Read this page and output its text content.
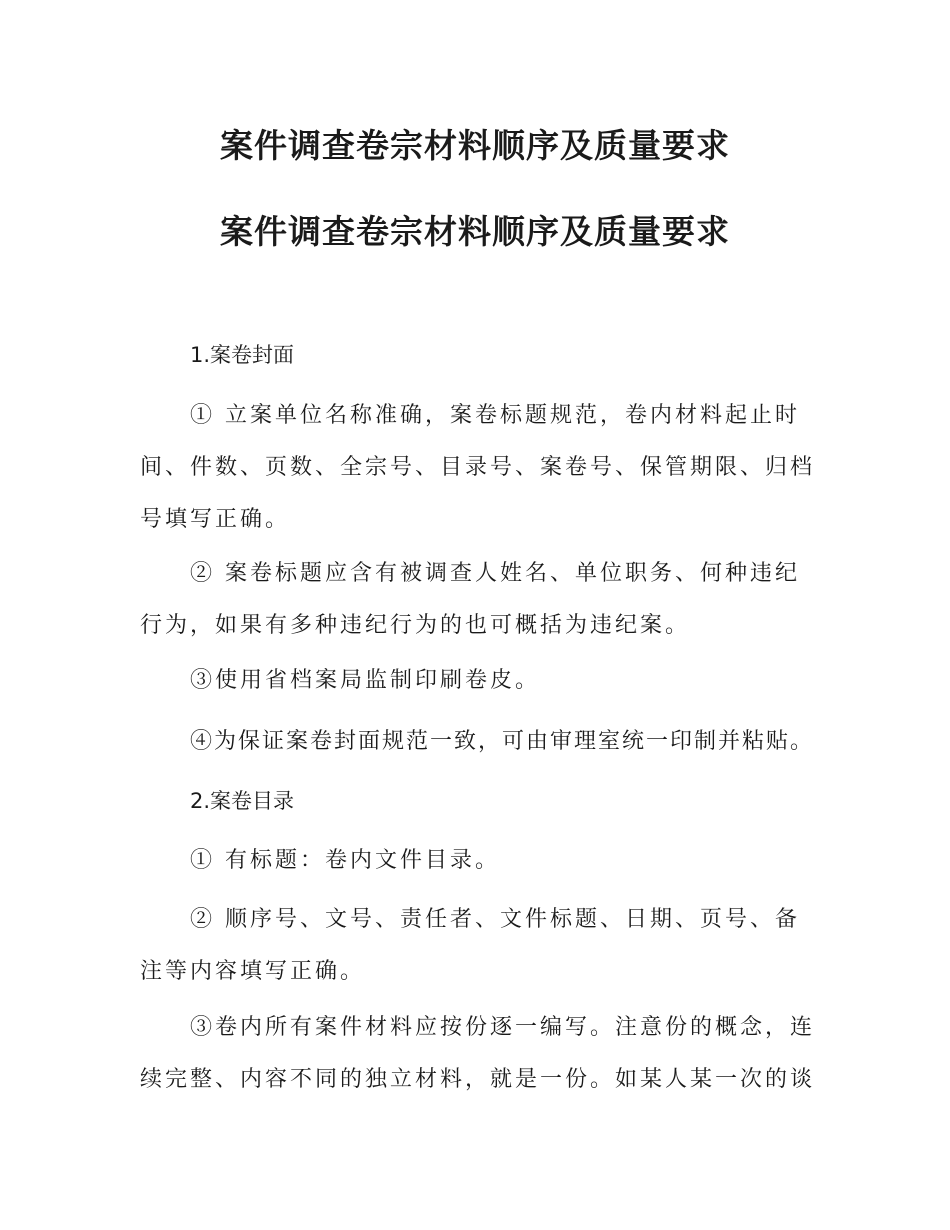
案件调查卷宗材料顺序及质量要求
案件调查卷宗材料顺序及质量要求
1.案卷封面

① 立案单位名称准确，案卷标题规范，卷内材料起止时
间、件数、页数、全宗号、目录号、案卷号、保管期限、归档
号填写正确。

② 案卷标题应含有被调查人姓名、单位职务、何种违纪
行为，如果有多种违纪行为的也可概括为违纪案。

③使用省档案局监制印刷卷皮。

④为保证案卷封面规范一致，可由审理室统一印制并粘贴。

2.案卷目录

① 有标题：卷内文件目录。

② 顺序号、文号、责任者、文件标题、日期、页号、备
注等内容填写正确。

③卷内所有案件材料应按份逐一编写。注意份的概念，连
续完整、内容不同的独立材料，就是一份。如某人某一次的谈
